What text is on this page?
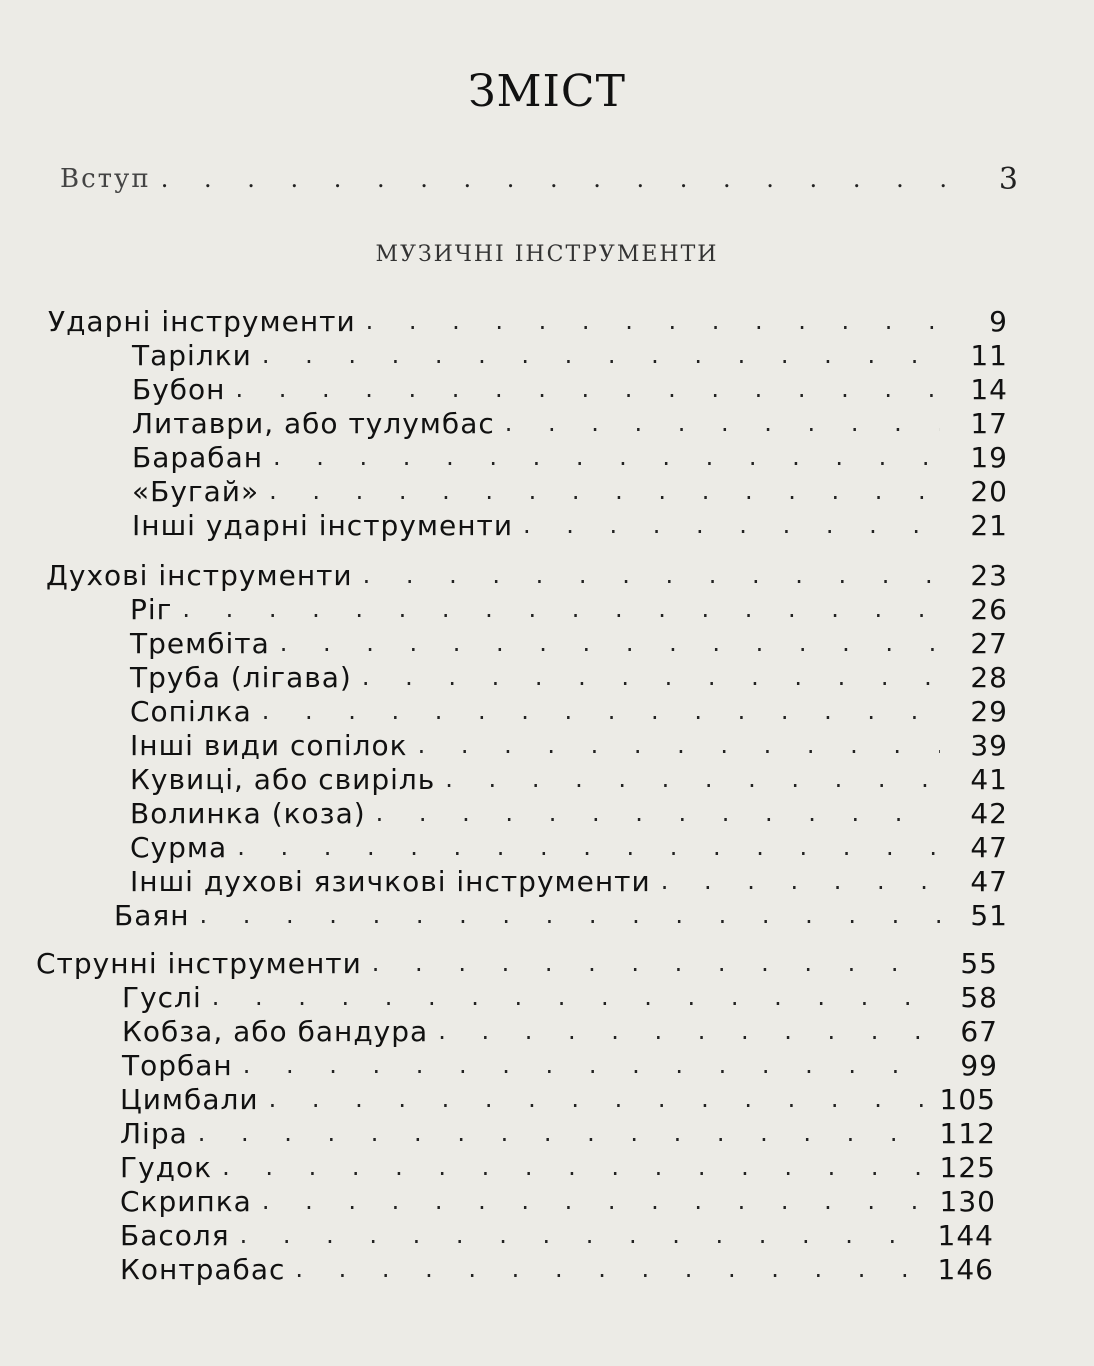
ЗМІСТ
Вступ . . .	3
МУЗИЧНІ ІНСТРУМЕНТИ
Ударні інструменти . . .	9
Тарілки . . .	11
Бубон . . .	14
Литаври, або тулумбас . . .	17
Барабан . . .	19
«Бугай» . . .	20
Інші ударні інструменти . . .	21
Духові інструменти . . .	23
Ріг . . .	26
Трембіта . . .	27
Труба (лігава) . . .	28
Сопілка . . .	29
Інші види сопілок . . .	39
Кувиці, або свиріль . . .	41
Волинка (коза) . . .	42
Сурма . . .	47
Інші духові язичкові інструменти . . .	47
Баян . . .	51
Струнні інструменти . . .	55
Гуслі . . .	58
Кобза, або бандура . . .	67
Торбан . . .	99
Цимбали . . .	105
Ліра . . .	112
Гудок . . .	125
Скрипка . . .	130
Басоля . . .	144
Контрабас . . .	146
